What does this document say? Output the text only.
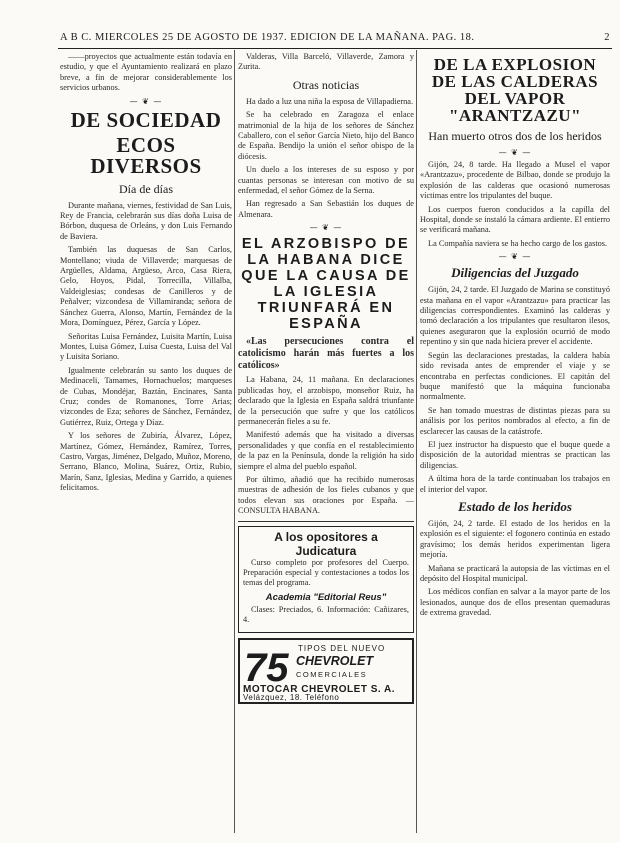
A B C. MIERCOLES 25 DE AGOSTO DE 1937. EDICION DE LA MAÑANA. PAG. 18.	2

——proyectos que actualmente están todavía en estudio, y que el Ayuntamiento realizará en plazo breve, a fin de mejorar considerablemente los servicios urbanos.

— ❦ —
DE SOCIEDAD
ECOS DIVERSOS
Día de días

Durante mañana, viernes, festividad de San Luis, Rey de Francia, celebrarán sus días doña Luisa de Bórbon, duquesa de Orleáns, y don Luis Fernando de Baviera.

También las duquesas de San Carlos, Montellano; viuda de Villaverde; marquesas de Argüelles, Aldama, Argüeso, Arco, Casa Riera, Gelo, Hoyos, Pidal, Torrecilla, Villalba, Valdeiglesias; condesas de Canilleros y de Peñalver; vizcondesa de Villamiranda; señora de Sánchez Guerra, Alonso, Martín, Fernández de la Mora, Domínguez, Pérez, García y López.

Señoritas Luisa Fernández, Luisita Martín, Luisa Montes, Luisa Gómez, Luisa Cuesta, Luisa del Val y Luisita Soriano.

Igualmente celebrarán su santo los duques de Medinaceli, Tamames, Hornachuelos; marqueses de Cubas, Mondéjar, Baztán, Encinares, Santa Cruz; condes de Romanones, Torre Arias; vizcondes de Eza; señores de Sánchez, Fernández, Gutiérrez, Ruiz, Ortega y Díaz.

Y los señores de Zubiría, Álvarez, López, Martínez, Gómez, Hernández, Ramírez, Torres, Castro, Vargas, Jiménez, Delgado, Muñoz, Moreno, Serrano, Blanco, Molina, Suárez, Ortiz, Rubio, Marín, Sanz, Iglesias, Medina y Garrido, a quienes felicitamos.

Valderas, Villa Barceló, Villaverde, Zamora y Zurita.

Otras noticias

Ha dado a luz una niña la esposa de Villapadierna.

Se ha celebrado en Zaragoza el enlace matrimonial de la hija de los señores de Sánchez Caballero, con el señor García Nieto, hijo del Banco de España. Bendijo la unión el señor obispo de la diócesis.

Un duelo a los intereses de su esposo y por cuantas personas se interesan con motivo de su enfermedad, el señor Gómez de la Serna.

Han regresado a San Sebastián los duques de Almenara.

— ❦ —
EL ARZOBISPO DE LA HABANA DICE QUE LA CAUSA DE LA IGLESIA TRIUNFARÁ EN ESPAÑA

«Las persecuciones contra el catolicismo harán más fuertes a los católicos»

La Habana, 24, 11 mañana. En declaraciones publicadas hoy, el arzobispo, monseñor Ruiz, ha declarado que la Iglesia en España saldrá triunfante de la persecución que sufre y que los católicos permanecerán fieles a su fe.

Manifestó además que ha visitado a diversas personalidades y que confía en el restablecimiento de la paz en la Península, donde la religión ha sido siempre el alma del pueblo español.

Por último, añadió que ha recibido numerosas muestras de adhesión de los fieles cubanos y que todos elevan sus oraciones por España. — CONSULTA HABANA.

A los opositores a Judicatura

Curso completo por profesores del Cuerpo. Preparación especial y contestaciones a todos los temas del programa.

Academia "Editorial Reus"

Clases: Preciados, 6. Información: Cañizares, 4.

75 TIPOS DEL NUEVO
CHEVROLET
COMERCIALES
MOTOCAR CHEVROLET S. A.
Velázquez, 18. Teléfono
DE LA EXPLOSION DE LAS CALDERAS DEL VAPOR "ARANTZAZU"
Han muerto otros dos de los heridos
— ❦ —

Gijón, 24, 8 tarde. Ha llegado a Musel el vapor «Arantzazu», procedente de Bilbao, donde se produjo la explosión de las calderas que ocasionó numerosas víctimas entre los tripulantes del buque.

Los cuerpos fueron conducidos a la capilla del Hospital, donde se instaló la cámara ardiente. El entierro se verificará mañana.

La Compañía naviera se ha hecho cargo de los gastos.

— ❦ —
Diligencias del Juzgado

Gijón, 24, 2 tarde. El Juzgado de Marina se constituyó esta mañana en el vapor «Arantzazu» para practicar las diligencias correspondientes. Examinó las calderas y tomó declaración a los tripulantes que resultaron ilesos, quienes aseguraron que la explosión ocurrió de modo repentino y sin que nada hiciera prever el accidente.

Según las declaraciones prestadas, la caldera había sido revisada antes de emprender el viaje y se encontraba en perfectas condiciones. El capitán del buque manifestó que la máquina funcionaba normalmente.

Se han tomado muestras de distintas piezas para su análisis por los peritos nombrados al efecto, a fin de esclarecer las causas de la catástrofe.

El juez instructor ha dispuesto que el buque quede a disposición de la autoridad mientras se practican las diligencias.

A última hora de la tarde continuaban los trabajos en el interior del vapor.

Estado de los heridos

Gijón, 24, 2 tarde. El estado de los heridos en la explosión es el siguiente: el fogonero continúa en estado gravísimo; los demás heridos experimentan ligera mejoría.

Mañana se practicará la autopsia de las víctimas en el depósito del Hospital municipal.

Los médicos confían en salvar a la mayor parte de los lesionados, aunque dos de ellos presentan quemaduras de extrema gravedad.
